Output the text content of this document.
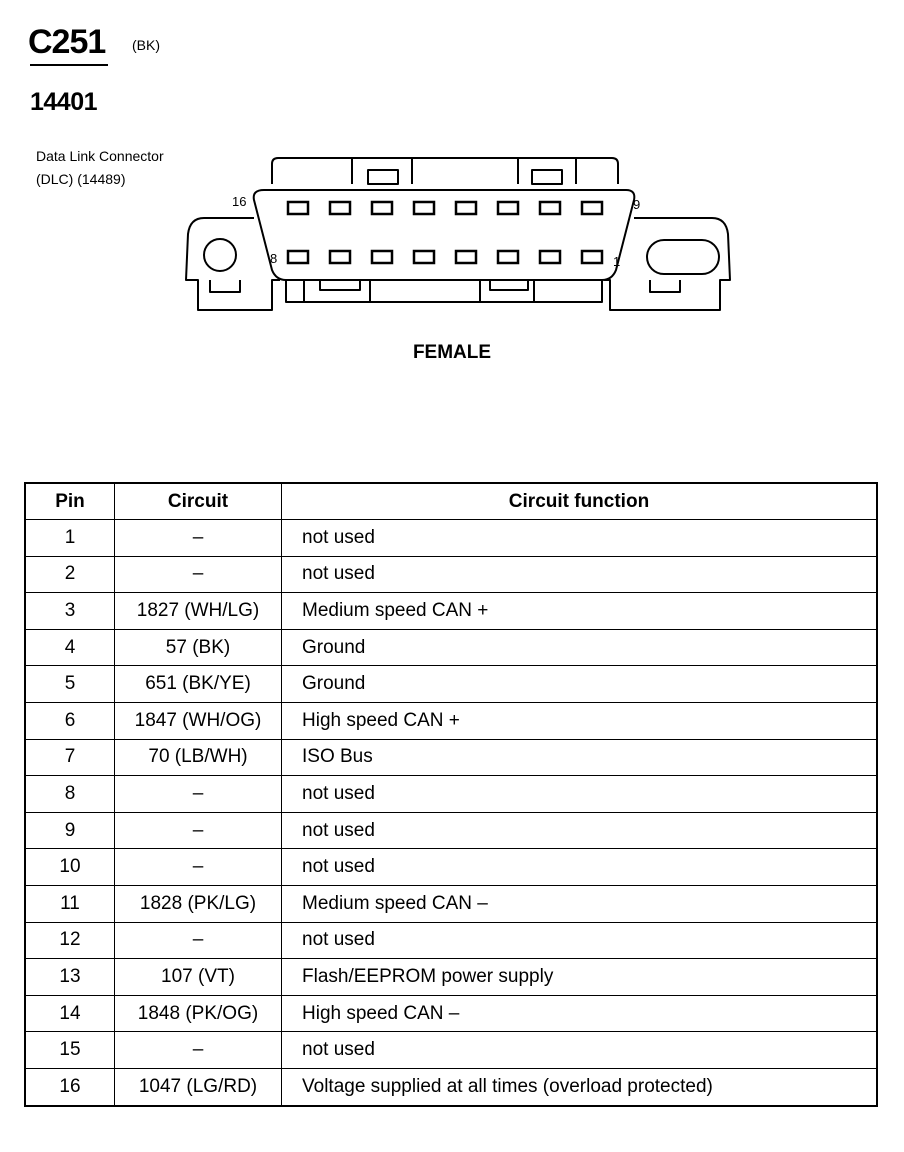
C251 (BK)
14401
Data Link Connector
(DLC) (14489)
16	9
8	1
FEMALE
Pin	Circuit	Circuit function
1	–	not used
2	–	not used
3	1827 (WH/LG)	Medium speed CAN +
4	57 (BK)	Ground
5	651 (BK/YE)	Ground
6	1847 (WH/OG)	High speed CAN +
7	70 (LB/WH)	ISO Bus
8	–	not used
9	–	not used
10	–	not used
11	1828 (PK/LG)	Medium speed CAN –
12	–	not used
13	107 (VT)	Flash/EEPROM power supply
14	1848 (PK/OG)	High speed CAN –
15	–	not used
16	1047 (LG/RD)	Voltage supplied at all times (overload protected)
